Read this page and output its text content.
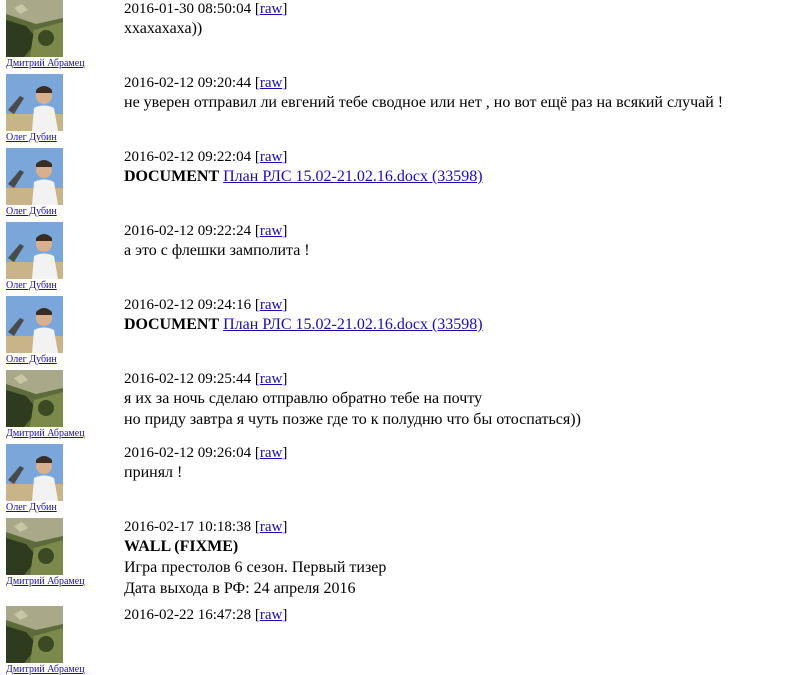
Дмитрий Абрамец
2016-01-30 08:50:04 [raw]
ххахахаха))
Олег Дубин
2016-02-12 09:20:44 [raw]
не уверен отправил ли евгений тебе сводное или нет , но вот ещё раз на всякий случай !
Олег Дубин
2016-02-12 09:22:04 [raw]
DOCUMENT План РЛС 15.02-21.02.16.docx (33598)
Олег Дубин
2016-02-12 09:22:24 [raw]
а это с флешки замполита !
Олег Дубин
2016-02-12 09:24:16 [raw]
DOCUMENT План РЛС 15.02-21.02.16.docx (33598)
Дмитрий Абрамец
2016-02-12 09:25:44 [raw]
я их за ночь сделаю отправлю обратно тебе на почту
но приду завтра я чуть позже где то к полудню что бы отоспаться))
Олег Дубин
2016-02-12 09:26:04 [raw]
принял !
Дмитрий Абрамец
2016-02-17 10:18:38 [raw]
WALL (FIXME)
Игра престолов 6 сезон. Первый тизер
Дата выхода в РФ: 24 апреля 2016
Дмитрий Абрамец
2016-02-22 16:47:28 [raw]
